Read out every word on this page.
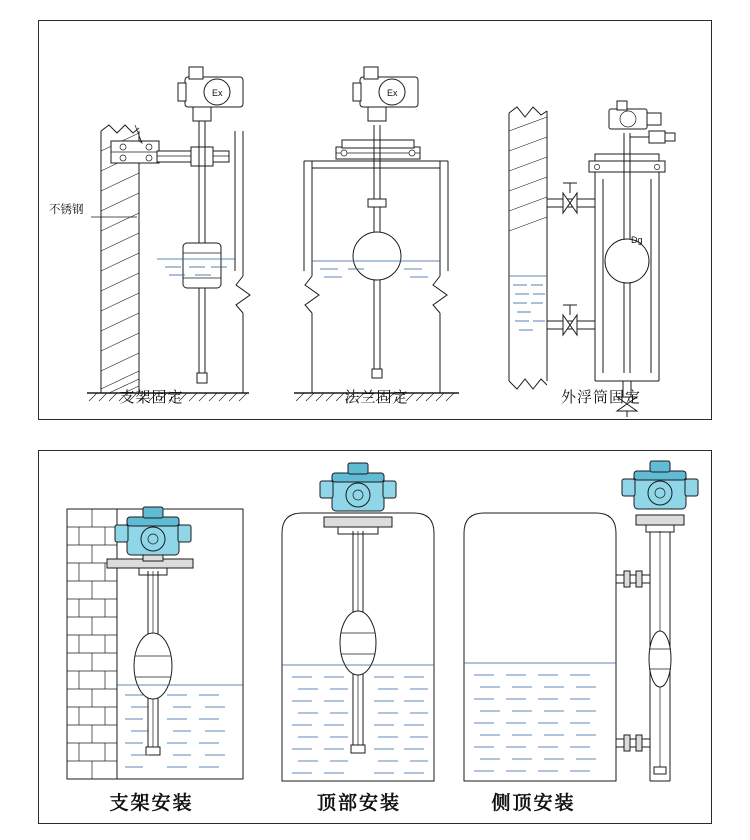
Ex
不锈钢
支架固定
Ex
法兰固定
Dg
外浮筒固定
支架安装	顶部安装	侧顶安装
